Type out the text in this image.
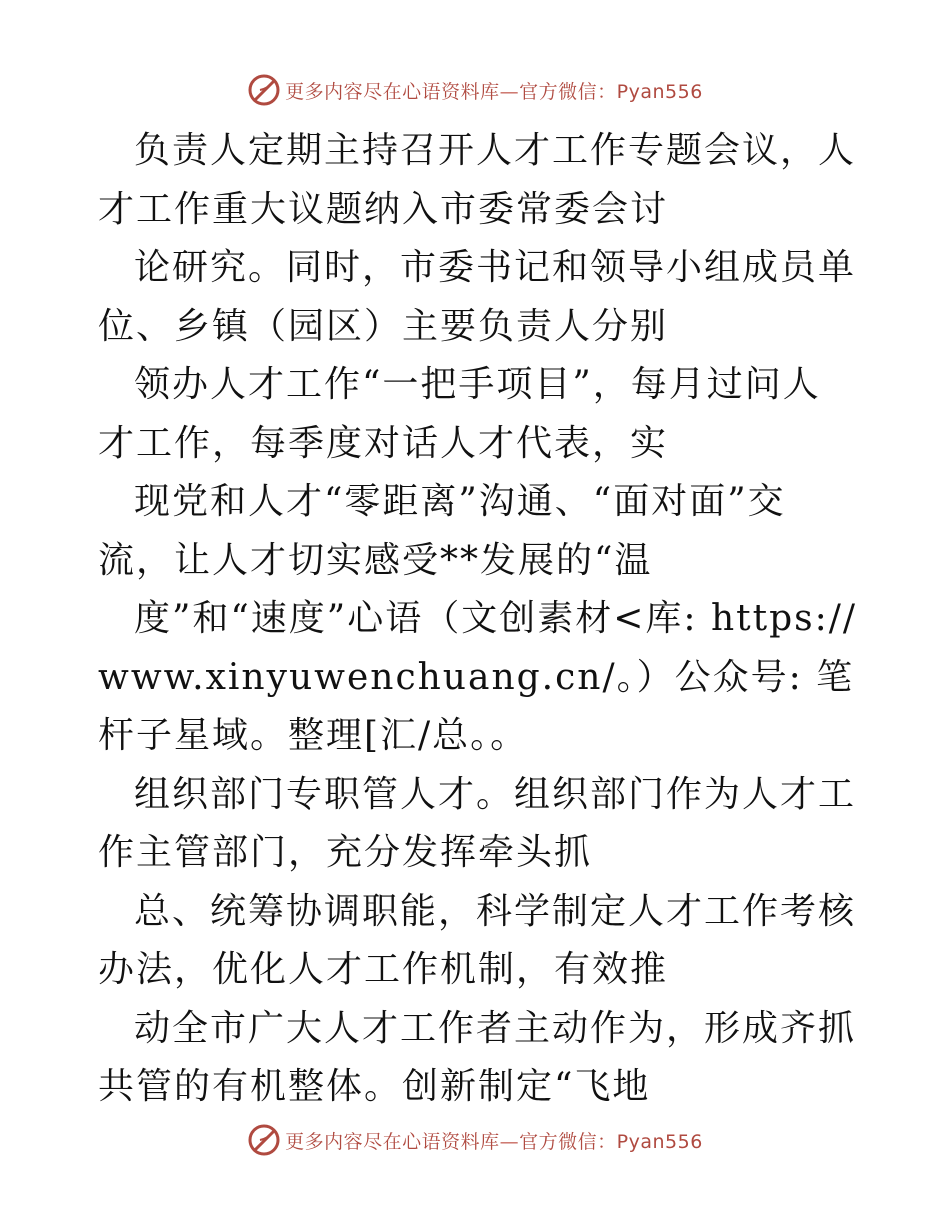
更多内容尽在心语资料库—官方微信：Pyan556

负责人定期主持召开人才工作专题会议，人才工作重大议题纳入市委常委会讨

论研究。同时，市委书记和领导小组成员单位、乡镇（园区）主要负责人分别

领办人才工作“一把手项目”，每月过问人才工作，每季度对话人才代表，实

现党和人才“零距离”沟通、“面对面”交流，让人才切实感受**发展的“温

度”和“速度”心语（文创素材<库: https://www.xinyuwenchuang.cn/。）公众号: 笔杆子星域。整理[汇/总。。

组织部门专职管人才。组织部门作为人才工作主管部门，充分发挥牵头抓

总、统筹协调职能，科学制定人才工作考核办法，优化人才工作机制，有效推

动全市广大人才工作者主动作为，形成齐抓共管的有机整体。创新制定“飞地

更多内容尽在心语资料库—官方微信：Pyan556
